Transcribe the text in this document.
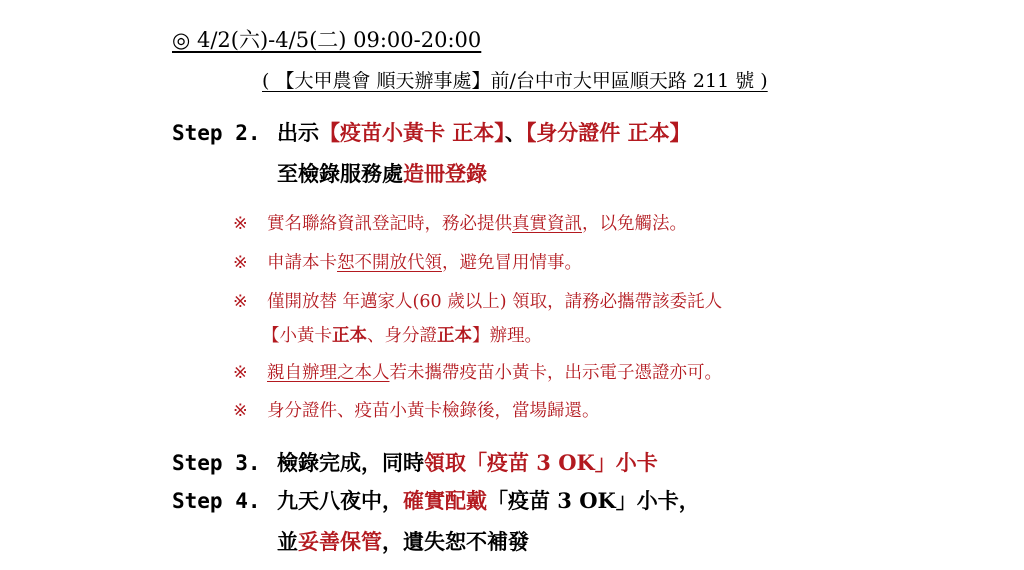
◎ 4/2(六)-4/5(二) 09:00-20:00
( 【大甲農會 順天辦事處】前/台中市大甲區順天路 211 號 )
Step 2. 出示【疫苗小黃卡 正本】、【身分證件 正本】
至檢錄服務處造冊登錄
※ 實名聯絡資訊登記時，務必提供真實資訊，以免觸法。
※ 申請本卡恕不開放代領，避免冒用情事。
※ 僅開放替 年邁家人(60 歲以上) 領取，請務必攜帶該委託人
【小黃卡正本、身分證正本】辦理。
※ 親自辦理之本人若未攜帶疫苗小黃卡，出示電子憑證亦可。
※ 身分證件、疫苗小黃卡檢錄後，當場歸還。
Step 3. 檢錄完成，同時領取「疫苗 3 OK」小卡
Step 4. 九天八夜中，確實配戴「疫苗 3 OK」小卡，
並妥善保管，遺失恕不補發
